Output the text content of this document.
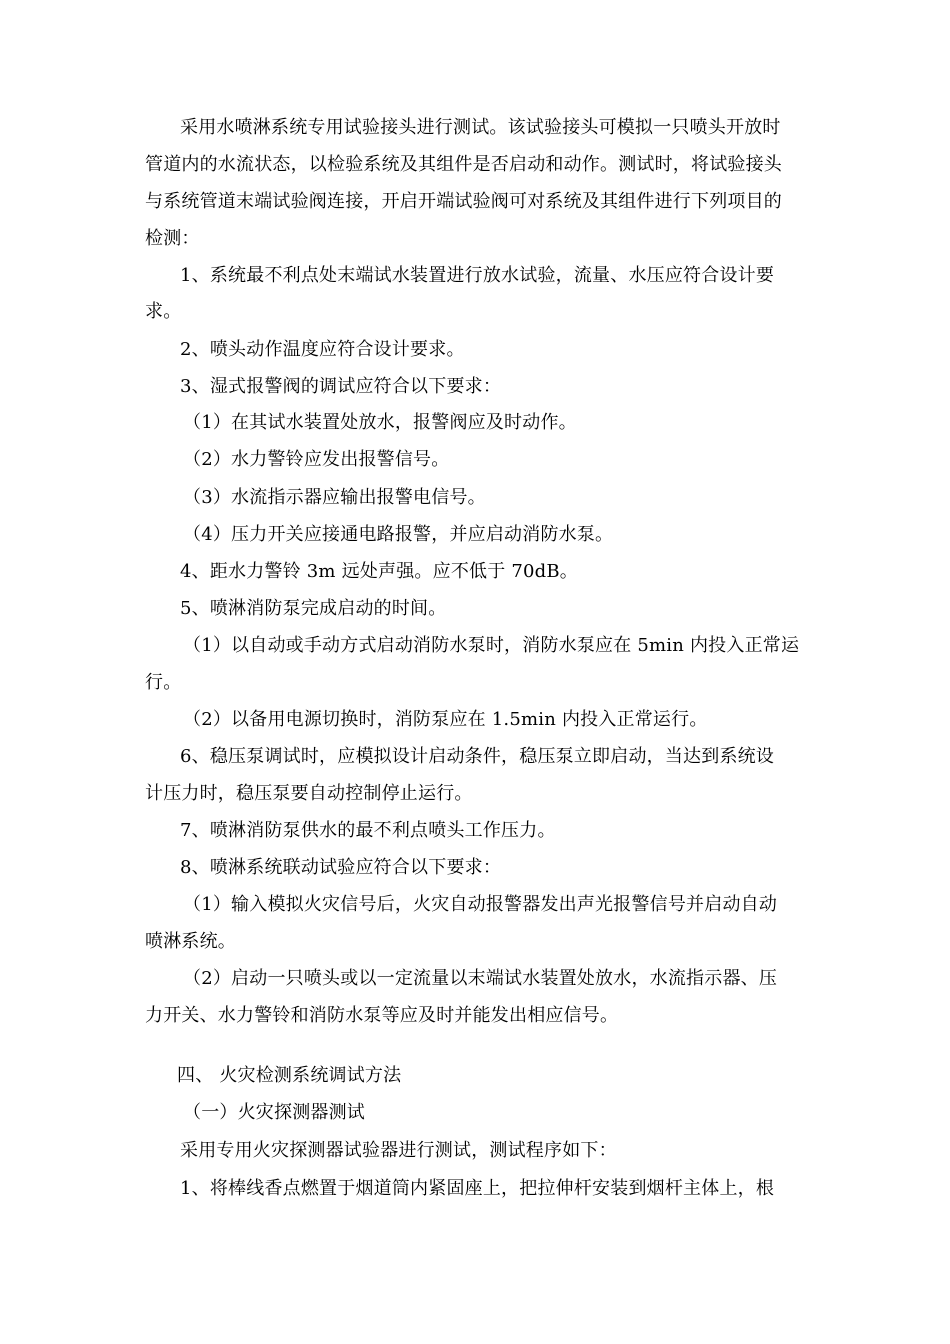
采用水喷淋系统专用试验接头进行测试。该试验接头可模拟一只喷头开放时
管道内的水流状态，以检验系统及其组件是否启动和动作。测试时，将试验接头
与系统管道末端试验阀连接，开启开端试验阀可对系统及其组件进行下列项目的
检测：
1、系统最不利点处末端试水装置进行放水试验，流量、水压应符合设计要
求。
2、喷头动作温度应符合设计要求。
3、湿式报警阀的调试应符合以下要求：
（1）在其试水装置处放水，报警阀应及时动作。
（2）水力警铃应发出报警信号。
（3）水流指示器应输出报警电信号。
（4）压力开关应接通电路报警，并应启动消防水泵。
4、距水力警铃 3m 远处声强。应不低于 70dB。
5、喷淋消防泵完成启动的时间。
（1）以自动或手动方式启动消防水泵时，消防水泵应在 5min 内投入正常运
行。
（2）以备用电源切换时，消防泵应在 1.5min 内投入正常运行。
6、稳压泵调试时，应模拟设计启动条件，稳压泵立即启动，当达到系统设
计压力时，稳压泵要自动控制停止运行。
7、喷淋消防泵供水的最不利点喷头工作压力。
8、喷淋系统联动试验应符合以下要求：
（1）输入模拟火灾信号后，火灾自动报警器发出声光报警信号并启动自动
喷淋系统。
（2）启动一只喷头或以一定流量以末端试水装置处放水，水流指示器、压
力开关、水力警铃和消防水泵等应及时并能发出相应信号。
四、 火灾检测系统调试方法
（一）火灾探测器测试
采用专用火灾探测器试验器进行测试，测试程序如下：
1、将棒线香点燃置于烟道筒内紧固座上，把拉伸杆安装到烟杆主体上，根
